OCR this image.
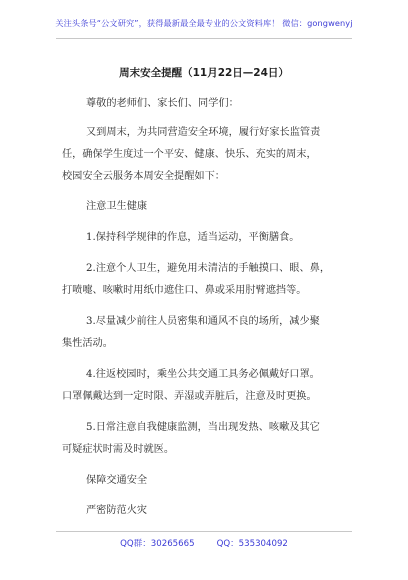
关注头条号“公文研究”，获得最新最全最专业的公文资料库！ 微信：gongwenyj
周末安全提醒（11月22日—24日）
尊敬的老师们、家长们、同学们：
又到周末，为共同营造安全环境，履行好家长监管责
任，确保学生度过一个平安、健康、快乐、充实的周末，
校园安全云服务本周安全提醒如下：
注意卫生健康
1.保持科学规律的作息，适当运动，平衡膳食。
2.注意个人卫生，避免用未清洁的手触摸口、眼、鼻，
打喷嚏、咳嗽时用纸巾遮住口、鼻或采用肘臂遮挡等。
3.尽量减少前往人员密集和通风不良的场所，减少聚
集性活动。
4.往返校园时，乘坐公共交通工具务必佩戴好口罩。
口罩佩戴达到一定时限、弄湿或弄脏后，注意及时更换。
5.日常注意自我健康监测，当出现发热、咳嗽及其它
可疑症状时需及时就医。
保障交通安全
严密防范火灾
QQ群：30265665	QQ：535304092
